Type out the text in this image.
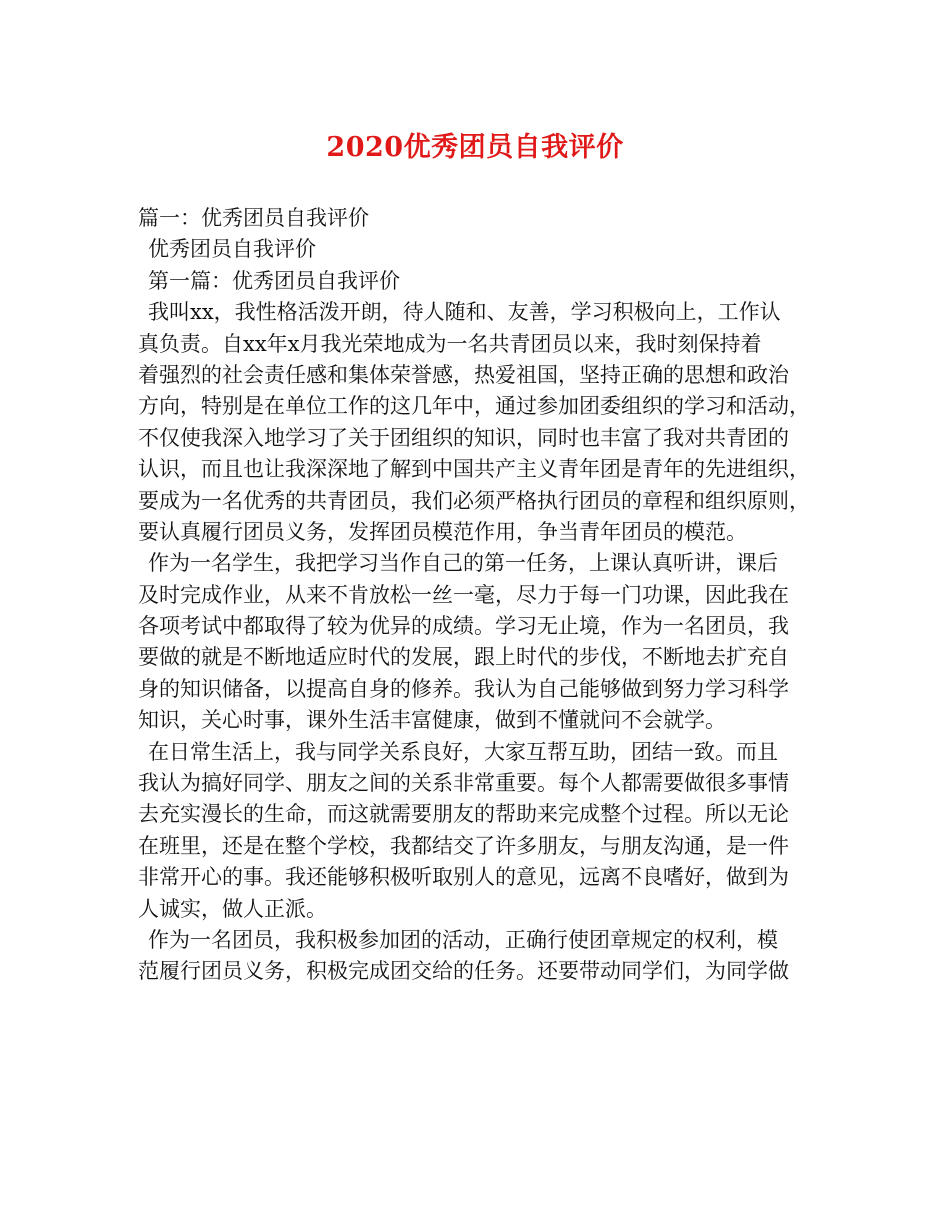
2020优秀团员自我评价
篇一：优秀团员自我评价
优秀团员自我评价
第一篇：优秀团员自我评价
我叫xx，我性格活泼开朗，待人随和、友善，学习积极向上，工作认
真负责。自xx年x月我光荣地成为一名共青团员以来，我时刻保持着
着强烈的社会责任感和集体荣誉感，热爱祖国，坚持正确的思想和政治
方向，特别是在单位工作的这几年中，通过参加团委组织的学习和活动，
不仅使我深入地学习了关于团组织的知识，同时也丰富了我对共青团的
认识，而且也让我深深地了解到中国共产主义青年团是青年的先进组织，
要成为一名优秀的共青团员，我们必须严格执行团员的章程和组织原则，
要认真履行团员义务，发挥团员模范作用，争当青年团员的模范。
作为一名学生，我把学习当作自己的第一任务，上课认真听讲，课后
及时完成作业，从来不肯放松一丝一毫，尽力于每一门功课，因此我在
各项考试中都取得了较为优异的成绩。学习无止境，作为一名团员，我
要做的就是不断地适应时代的发展，跟上时代的步伐，不断地去扩充自
身的知识储备，以提高自身的修养。我认为自己能够做到努力学习科学
知识，关心时事，课外生活丰富健康，做到不懂就问不会就学。
在日常生活上，我与同学关系良好，大家互帮互助，团结一致。而且
我认为搞好同学、朋友之间的关系非常重要。每个人都需要做很多事情
去充实漫长的生命，而这就需要朋友的帮助来完成整个过程。所以无论
在班里，还是在整个学校，我都结交了许多朋友，与朋友沟通，是一件
非常开心的事。我还能够积极听取别人的意见，远离不良嗜好，做到为
人诚实，做人正派。
作为一名团员，我积极参加团的活动，正确行使团章规定的权利，模
范履行团员义务，积极完成团交给的任务。还要带动同学们，为同学做
